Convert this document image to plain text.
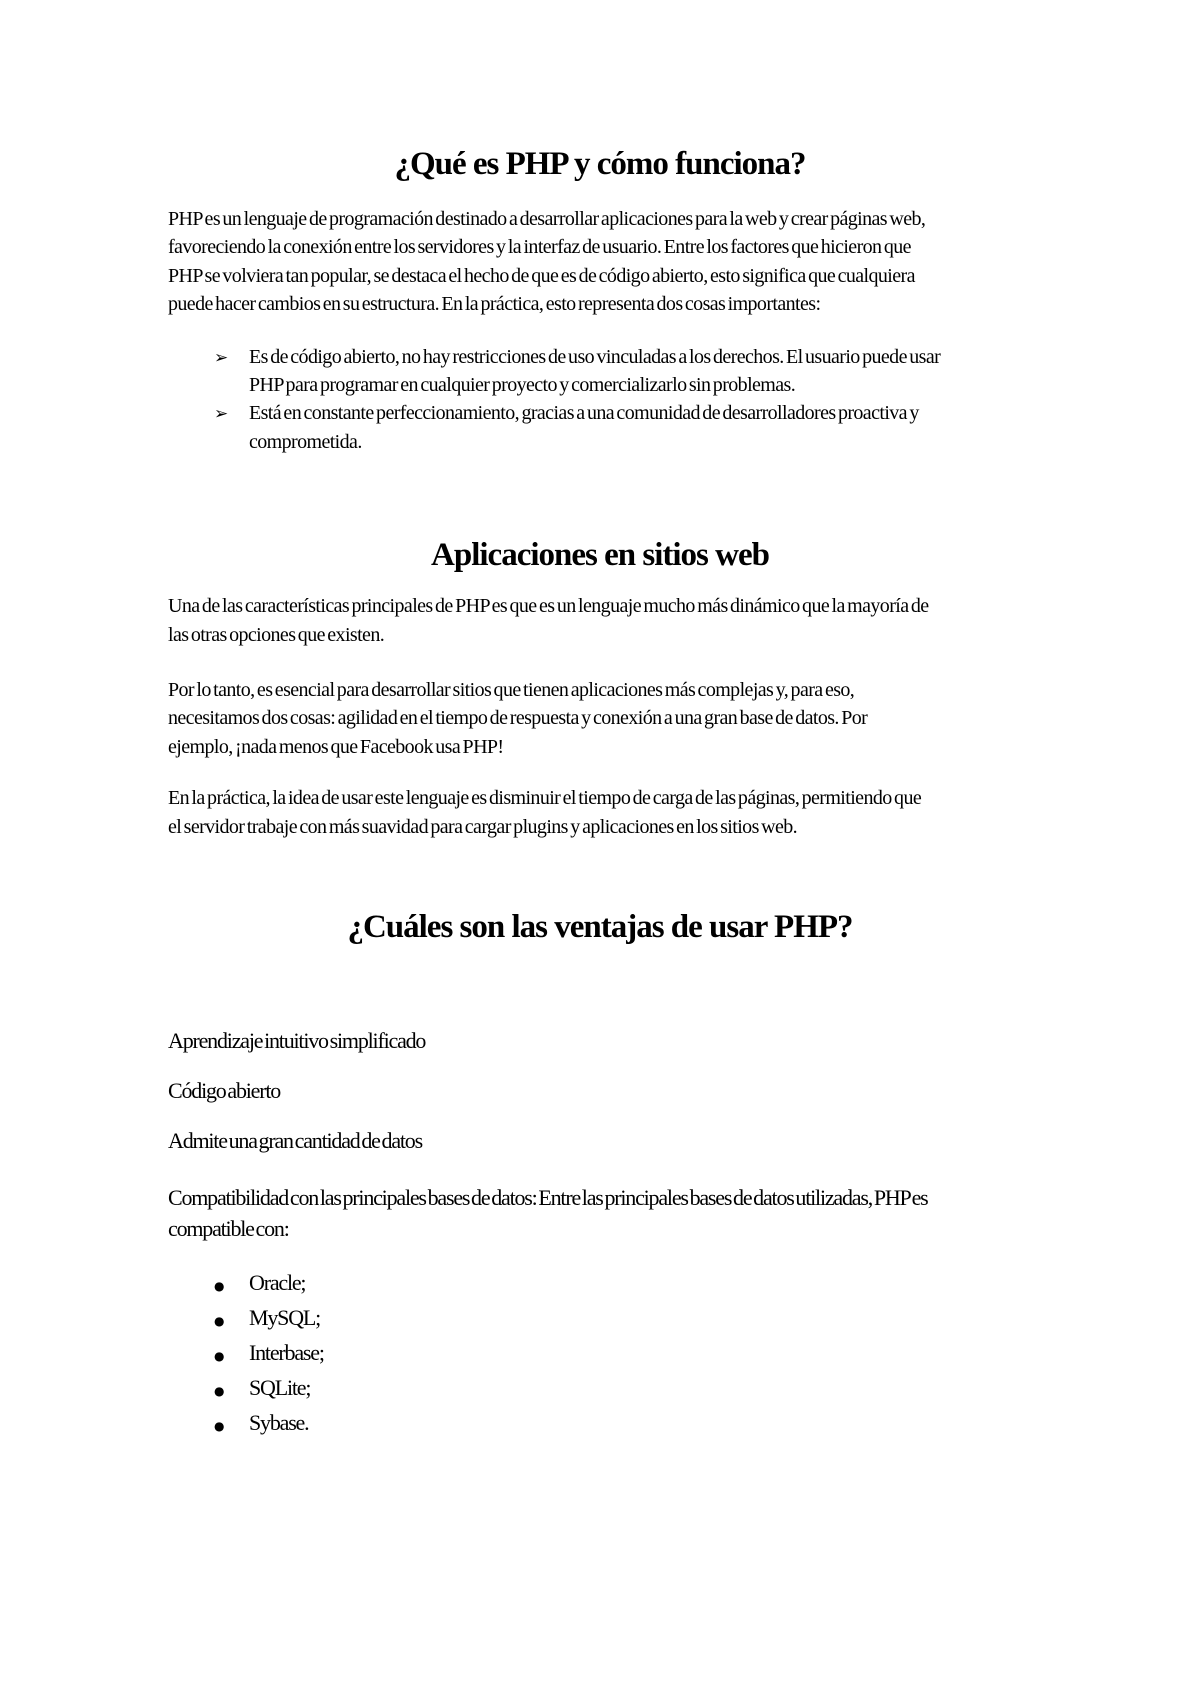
¿Qué es PHP y cómo funciona?

PHP es un lenguaje de programación destinado a desarrollar aplicaciones para la web y crear páginas web, favoreciendo la conexión entre los servidores y la interfaz de usuario. Entre los factores que hicieron que PHP se volviera tan popular, se destaca el hecho de que es de código abierto, esto significa que cualquiera puede hacer cambios en su estructura. En la práctica, esto representa dos cosas importantes:

➢	Es de código abierto, no hay restricciones de uso vinculadas a los derechos. El usuario puede usar PHP para programar en cualquier proyecto y comercializarlo sin problemas.
➢	Está en constante perfeccionamiento, gracias a una comunidad de desarrolladores proactiva y comprometida.
Aplicaciones en sitios web

Una de las características principales de PHP es que es un lenguaje mucho más dinámico que la mayoría de las otras opciones que existen.

Por lo tanto, es esencial para desarrollar sitios que tienen aplicaciones más complejas y, para eso, necesitamos dos cosas: agilidad en el tiempo de respuesta y conexión a una gran base de datos. Por ejemplo, ¡nada menos que Facebook usa PHP!

En la práctica, la idea de usar este lenguaje es disminuir el tiempo de carga de las páginas, permitiendo que el servidor trabaje con más suavidad para cargar plugins y aplicaciones en los sitios web.

¿Cuáles son las ventajas de usar PHP?

Aprendizaje intuitivo simplificado

Código abierto

Admite una gran cantidad de datos

Compatibilidad con las principales bases de datos: Entre las principales bases de datos utilizadas, PHP es compatible con:

●	Oracle;
●	MySQL;
●	Interbase;
●	SQLite;
●	Sybase.
